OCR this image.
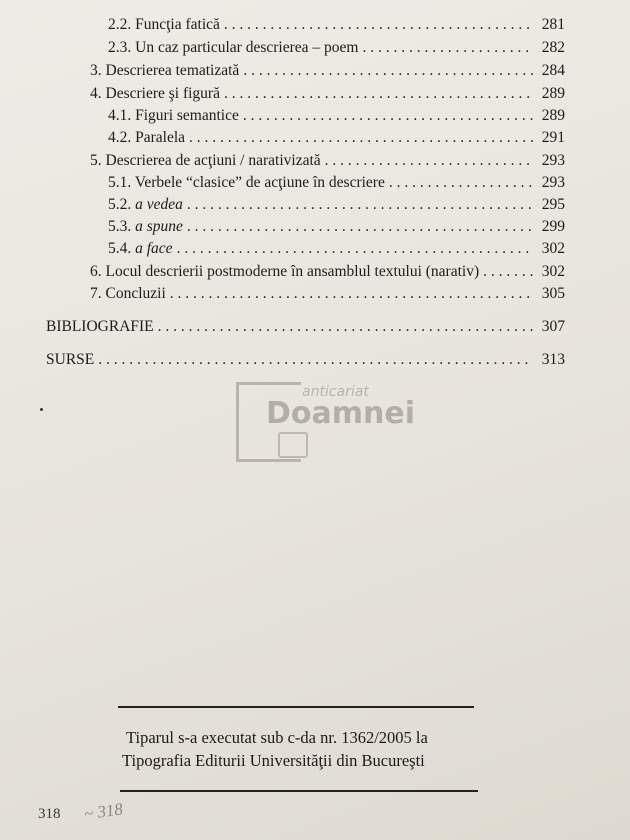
2.2. Funcţia fatică . . .	281
2.3. Un caz particular descrierea – poem . . .	282
3. Descrierea tematizată . . .	284
4. Descriere şi figură . . .	289
4.1. Figuri semantice . . .	289
4.2. Paralela . . .	291
5. Descrierea de acţiuni / narativizată . . .	293
5.1. Verbele “clasice” de acţiune în descriere . . .	293
5.2. a vedea . . .	295
5.3. a spune . . .	299
5.4. a face . . .	302
6. Locul descrierii postmoderne în ansamblul textului (narativ) . . .	302
7. Concluzii . . .	305
BIBLIOGRAFIE . . .	307
SURSE . . .	313
anticariat
Doamnei
Tiparul s-a executat sub c-da nr. 1362/2005 la
Tipografia Editurii Universităţii din Bucureşti
318 ~ 318
